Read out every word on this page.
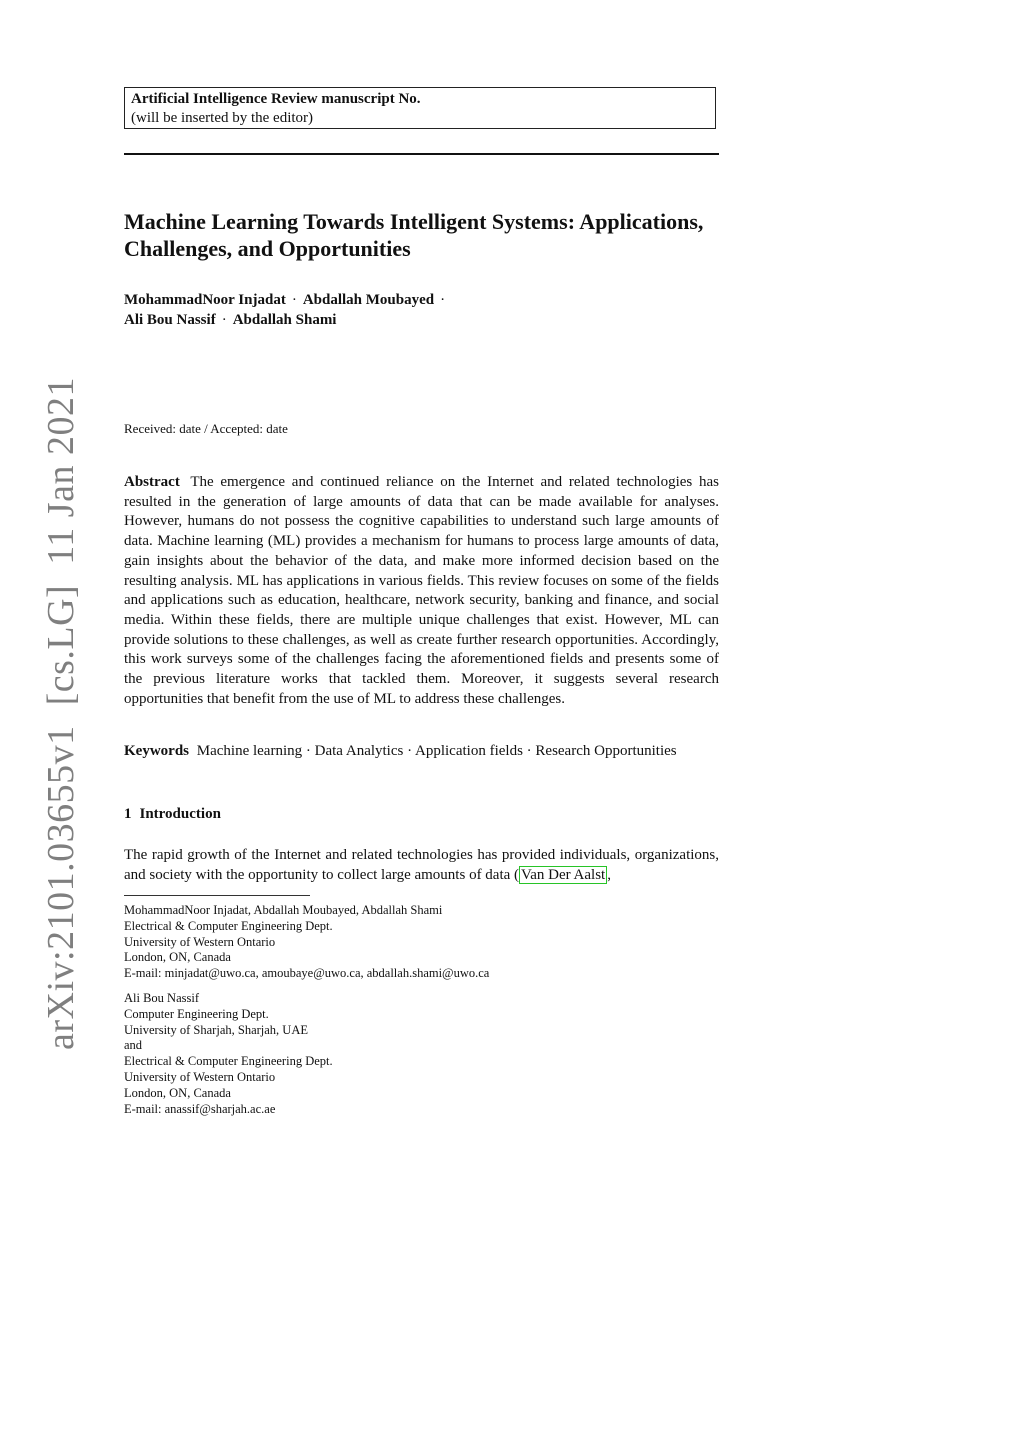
Artificial Intelligence Review manuscript No.
(will be inserted by the editor)
Machine Learning Towards Intelligent Systems: Applications, Challenges, and Opportunities
MohammadNoor Injadat · Abdallah Moubayed ·
Ali Bou Nassif · Abdallah Shami
Received: date / Accepted: date

Abstract The emergence and continued reliance on the Internet and related technologies has resulted in the generation of large amounts of data that can be made available for analyses. However, humans do not possess the cognitive capabilities to understand such large amounts of data. Machine learning (ML) provides a mechanism for humans to process large amounts of data, gain insights about the behavior of the data, and make more informed decision based on the resulting analysis. ML has applications in various fields. This review focuses on some of the fields and applications such as education, healthcare, network security, banking and finance, and social media. Within these fields, there are multiple unique challenges that exist. However, ML can provide solutions to these challenges, as well as create further research opportunities. Accordingly, this work surveys some of the challenges facing the aforementioned fields and presents some of the previous literature works that tackled them. Moreover, it suggests several research opportunities that benefit from the use of ML to address these challenges.

Keywords Machine learning · Data Analytics · Application fields · Research Opportunities
1 Introduction

The rapid growth of the Internet and related technologies has provided individuals, organizations, and society with the opportunity to collect large amounts of data ( Van Der Aalst ,

MohammadNoor Injadat, Abdallah Moubayed, Abdallah Shami
Electrical & Computer Engineering Dept.
University of Western Ontario
London, ON, Canada
E-mail: minjadat@uwo.ca, amoubaye@uwo.ca, abdallah.shami@uwo.ca
Ali Bou Nassif
Computer Engineering Dept.
University of Sharjah, Sharjah, UAE
and
Electrical & Computer Engineering Dept.
University of Western Ontario
London, ON, Canada
E-mail: anassif@sharjah.ac.ae
arXiv:2101.03655v1  [cs.LG]  11 Jan 2021
